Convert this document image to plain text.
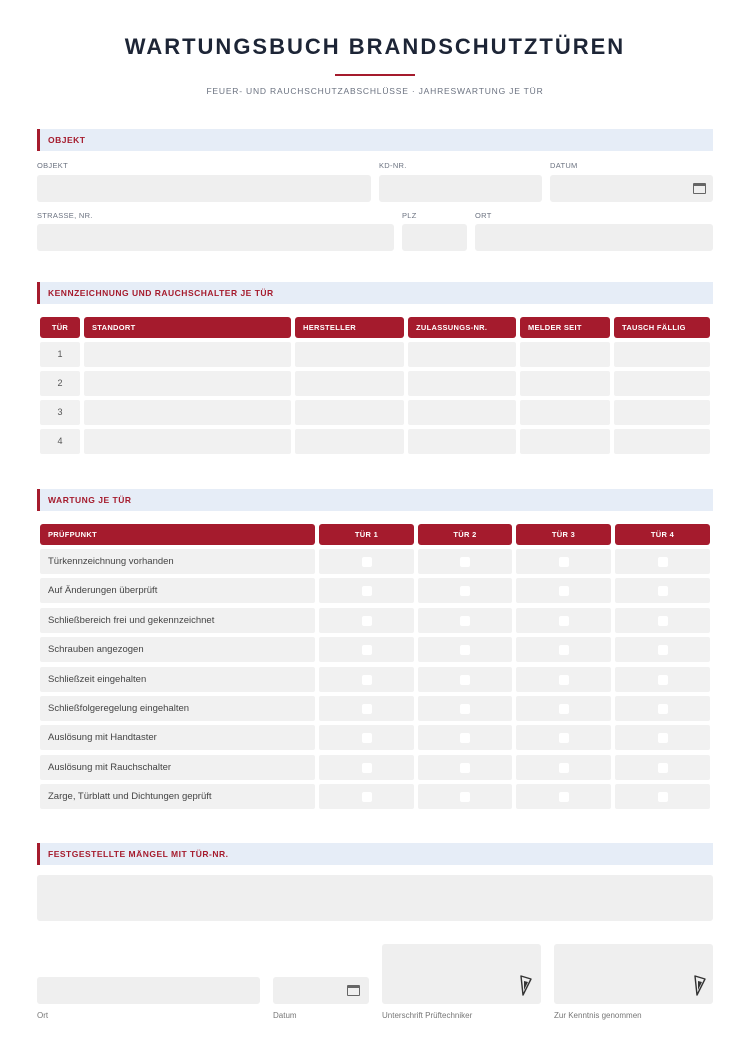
WARTUNGSBUCH BRANDSCHUTZTÜREN
FEUER- UND RAUCHSCHUTZABSCHLÜSSE · JAHRESWARTUNG JE TÜR
OBJEKT
OBJEKT	KD-NR.	DATUM
STRASSE, NR.	PLZ	ORT
KENNZEICHNUNG UND RAUCHSCHALTER JE TÜR
TÜR	STANDORT	HERSTELLER	ZULASSUNGS-NR.	MELDER SEIT	TAUSCH FÄLLIG
1
2
3
4
WARTUNG JE TÜR
PRÜFPUNKT	TÜR 1	TÜR 2	TÜR 3	TÜR 4
Türkennzeichnung vorhanden
Auf Änderungen überprüft
Schließbereich frei und gekennzeichnet
Schrauben angezogen
Schließzeit eingehalten
Schließfolgeregelung eingehalten
Auslösung mit Handtaster
Auslösung mit Rauchschalter
Zarge, Türblatt und Dichtungen geprüft
FESTGESTELLTE MÄNGEL MIT TÜR-NR.
Ort	Datum	Unterschrift Prüftechniker	Zur Kenntnis genommen
